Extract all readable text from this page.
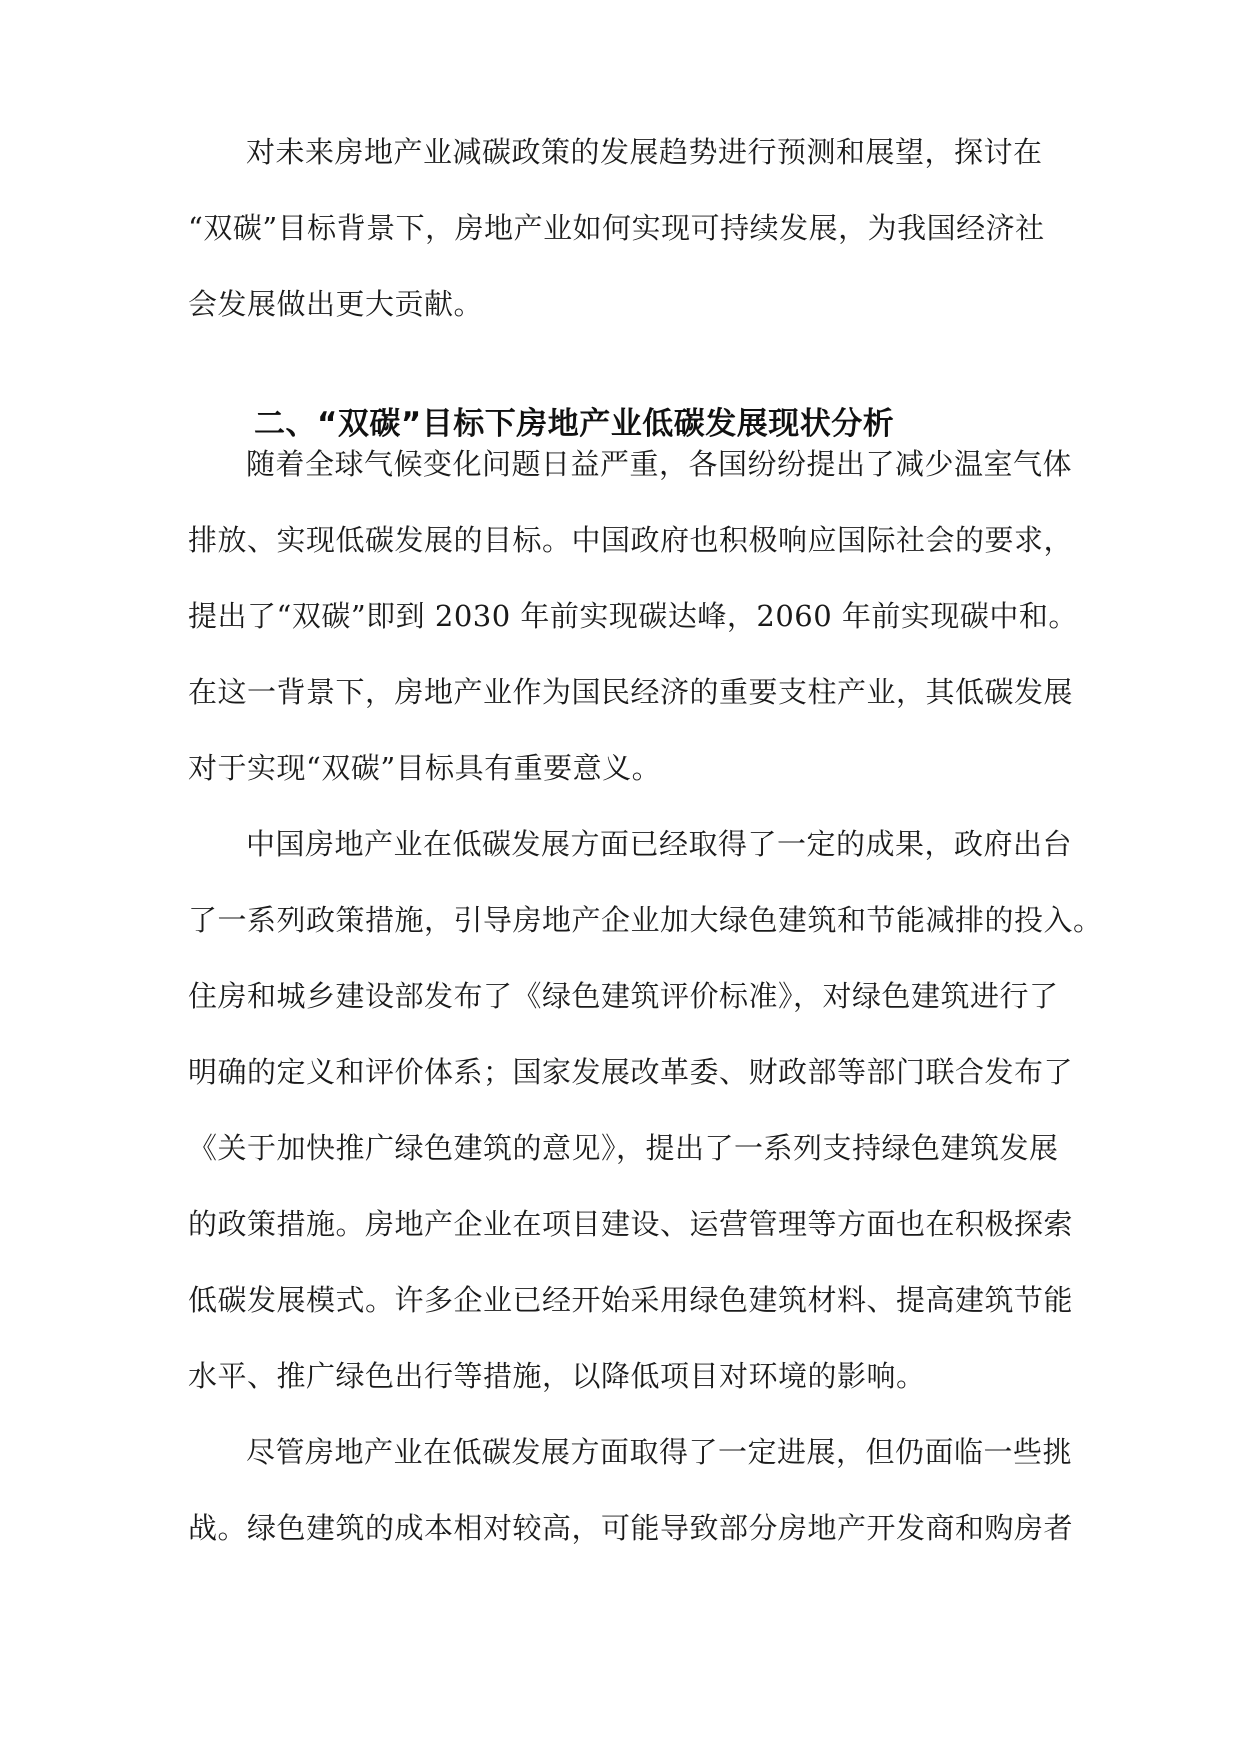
对未来房地产业减碳政策的发展趋势进行预测和展望，探讨在
“双碳”目标背景下，房地产业如何实现可持续发展，为我国经济社
会发展做出更大贡献。
二、“双碳”目标下房地产业低碳发展现状分析
随着全球气候变化问题日益严重，各国纷纷提出了减少温室气体
排放、实现低碳发展的目标。中国政府也积极响应国际社会的要求，
提出了“双碳”即到 2030 年前实现碳达峰，2060 年前实现碳中和。
在这一背景下，房地产业作为国民经济的重要支柱产业，其低碳发展
对于实现“双碳”目标具有重要意义。
中国房地产业在低碳发展方面已经取得了一定的成果，政府出台
了一系列政策措施，引导房地产企业加大绿色建筑和节能减排的投入。
住房和城乡建设部发布了《绿色建筑评价标准》，对绿色建筑进行了
明确的定义和评价体系；国家发展改革委、财政部等部门联合发布了
《关于加快推广绿色建筑的意见》，提出了一系列支持绿色建筑发展
的政策措施。房地产企业在项目建设、运营管理等方面也在积极探索
低碳发展模式。许多企业已经开始采用绿色建筑材料、提高建筑节能
水平、推广绿色出行等措施，以降低项目对环境的影响。
尽管房地产业在低碳发展方面取得了一定进展，但仍面临一些挑
战。绿色建筑的成本相对较高，可能导致部分房地产开发商和购房者
